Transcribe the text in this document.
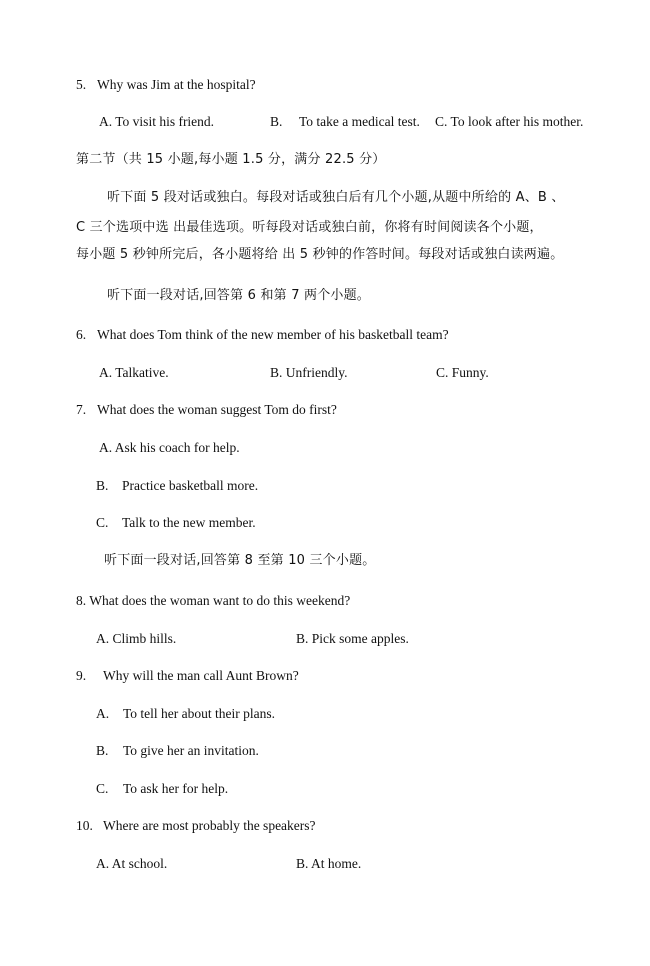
5. Why was Jim at the hospital?
A. To visit his friend.	B. To take a medical test. C. To look after his mother.
第二节（共 15 小题,每小题 1.5 分，满分 22.5 分）
听下面 5 段对话或独白。每段对话或独白后有几个小题,从题中所给的 A、B 、
C 三个选项中选 出最佳选项。听每段对话或独白前，你将有时间阅读各个小题，
每小题 5 秒钟所完后，各小题将给 出 5 秒钟的作答时间。每段对话或独白读两遍。
听下面一段对话,回答第 6 和第 7 两个小题。
6. What does Tom think of the new member of his basketball team?
A. Talkative.	B. Unfriendly.	C. Funny.
7. What does the woman suggest Tom do first?
A. Ask his coach for help.
B. Practice basketball more.
C. Talk to the new member.
听下面一段对话,回答第 8 至第 10 三个小题。
8. What does the woman want to do this weekend?
A. Climb hills.	B. Pick some apples.
9. Why will the man call Aunt Brown?
A. To tell her about their plans.
B. To give her an invitation.
C. To ask her for help.
10. Where are most probably the speakers?
A. At school.	B. At home.
